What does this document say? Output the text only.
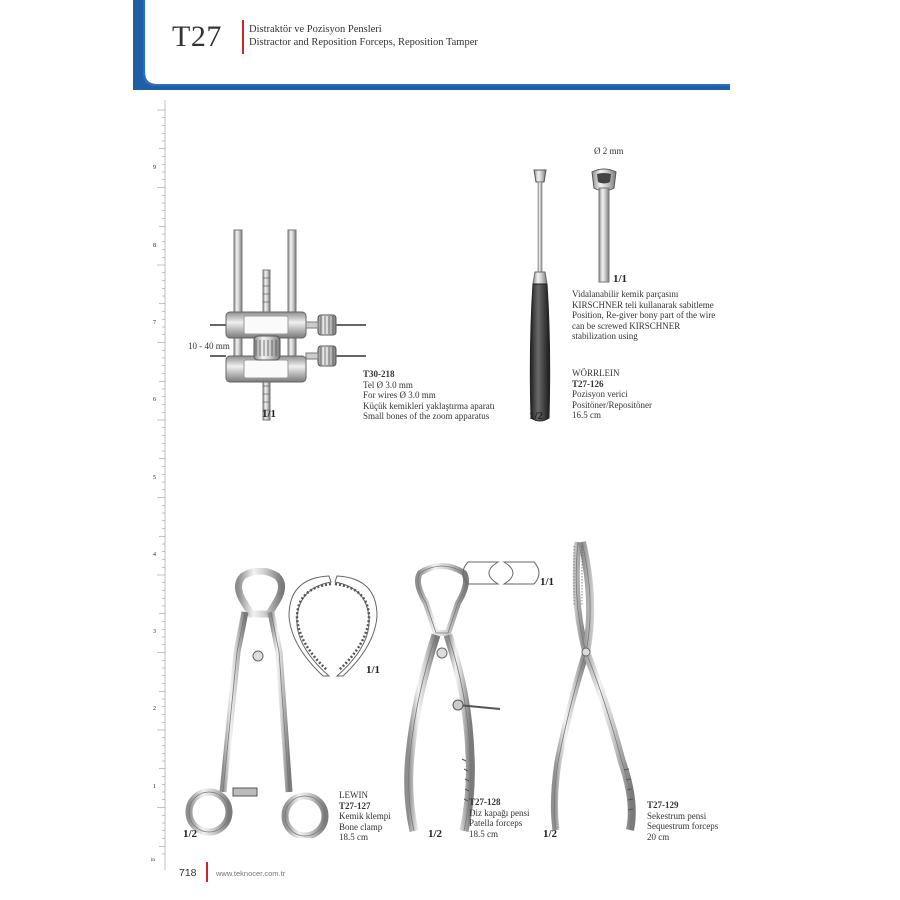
T27	Distraktör ve Pozisyon Pensleri
Distractor and Reposition Forceps, Reposition Tamper
9
8
7
6
5
4
3
2
1
in
10 - 40 mm
1/1
T30-218
Tel Ø 3.0 mm
For wires Ø 3.0 mm
Küçük kemikleri yaklaştırma aparatı
Small bones of the zoom apparatus
Ø 2 mm
1/1
Vidalanabilir kemik parçasını
KIRSCHNER teli kullanarak sabitleme
Position, Re-giver bony part of the wire
can be screwed KIRSCHNER
stabilization using
1/2
WÖRRLEIN
T27-126
Pozisyon verici
Positöner/Repositöner
16.5 cm
1/1
1/2
LEWIN
T27-127
Kemik klempi
Bone clamp
18.5 cm
1/1
1/2
T27-128
Diz kapağı pensi
Patella forceps
18.5 cm	1/2
T27-129
Sekestrum pensi
Sequestrum forceps
20 cm
718	www.teknocer.com.tr
